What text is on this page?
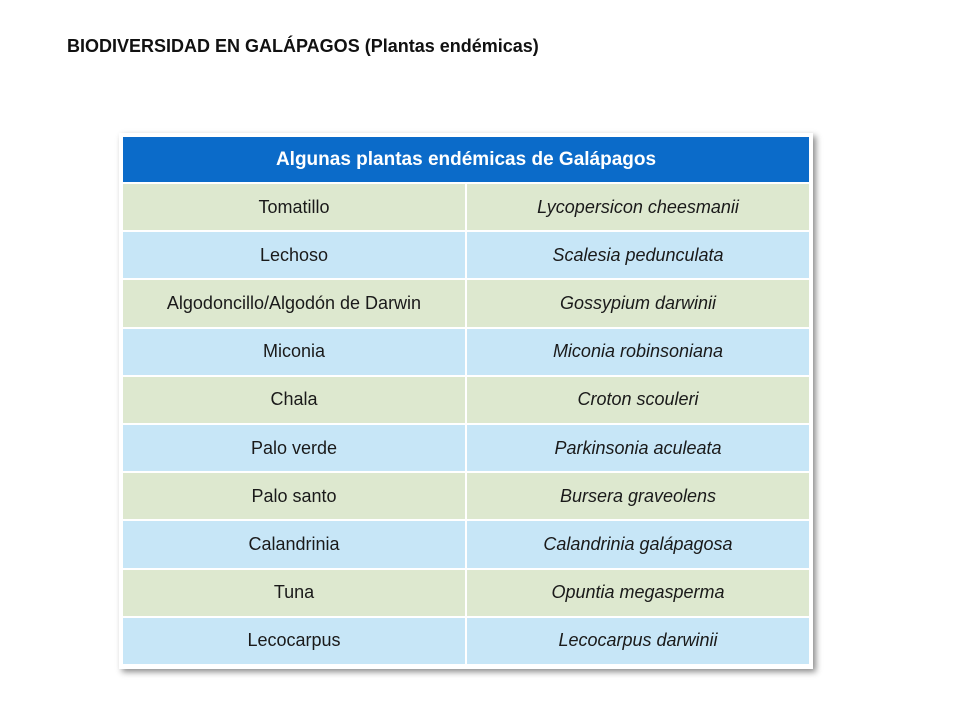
BIODIVERSIDAD EN GALÁPAGOS (Plantas endémicas)
Algunas plantas endémicas de Galápagos	
Tomatillo	Lycopersicon cheesmanii
Lechoso	Scalesia pedunculata
Algodoncillo/Algodón de Darwin	Gossypium darwinii
Miconia	Miconia robinsoniana
Chala	Croton scouleri
Palo verde	Parkinsonia aculeata
Palo santo	Bursera graveolens
Calandrinia	Calandrinia galápagosa
Tuna	Opuntia megasperma
Lecocarpus	Lecocarpus darwinii
